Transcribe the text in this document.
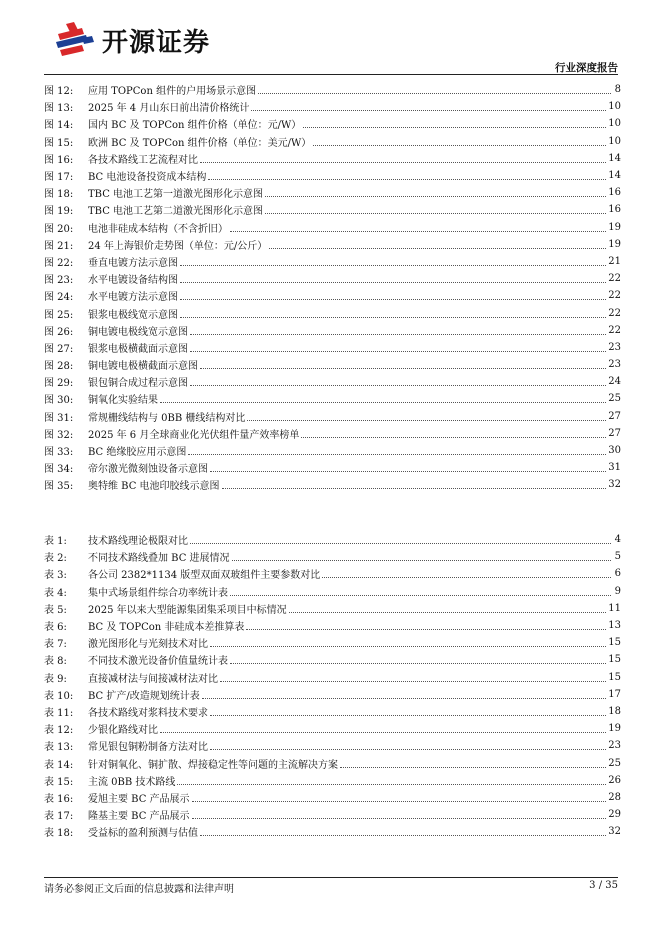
开源证券
行业深度报告
图 12:	应用 TOPCon 组件的户用场景示意图	8
图 13:	2025 年 4 月山东日前出清价格统计	10
图 14:	国内 BC 及 TOPCon 组件价格（单位：元/W）	10
图 15:	欧洲 BC 及 TOPCon 组件价格（单位：美元/W）	10
图 16:	各技术路线工艺流程对比	14
图 17:	BC 电池设备投资成本结构	14
图 18:	TBC 电池工艺第一道激光图形化示意图	16
图 19:	TBC 电池工艺第二道激光图形化示意图	16
图 20:	电池非硅成本结构（不含折旧）	19
图 21:	24 年上海银价走势图（单位：元/公斤）	19
图 22:	垂直电镀方法示意图	21
图 23:	水平电镀设备结构图	22
图 24:	水平电镀方法示意图	22
图 25:	银浆电极线宽示意图	22
图 26:	铜电镀电极线宽示意图	22
图 27:	银浆电极横截面示意图	23
图 28:	铜电镀电极横截面示意图	23
图 29:	银包铜合成过程示意图	24
图 30:	铜氧化实验结果	25
图 31:	常规栅线结构与 0BB 栅线结构对比	27
图 32:	2025 年 6 月全球商业化光伏组件量产效率榜单	27
图 33:	BC 绝缘胶应用示意图	30
图 34:	帝尔激光微刻蚀设备示意图	31
图 35:	奥特维 BC 电池印胶线示意图	32
表 1:	技术路线理论极限对比	4
表 2:	不同技术路线叠加 BC 进展情况	5
表 3:	各公司 2382*1134 版型双面双玻组件主要参数对比	6
表 4:	集中式场景组件综合功率统计表	9
表 5:	2025 年以来大型能源集团集采项目中标情况	11
表 6:	BC 及 TOPCon 非硅成本差推算表	13
表 7:	激光图形化与光刻技术对比	15
表 8:	不同技术激光设备价值量统计表	15
表 9:	直接减材法与间接减材法对比	15
表 10:	BC 扩产/改造规划统计表	17
表 11:	各技术路线对浆料技术要求	18
表 12:	少银化路线对比	19
表 13:	常见银包铜粉制备方法对比	23
表 14:	针对铜氧化、铜扩散、焊接稳定性等问题的主流解决方案	25
表 15:	主流 0BB 技术路线	26
表 16:	爱旭主要 BC 产品展示	28
表 17:	隆基主要 BC 产品展示	29
表 18:	受益标的盈利预测与估值	32
请务必参阅正文后面的信息披露和法律声明	3 / 35
